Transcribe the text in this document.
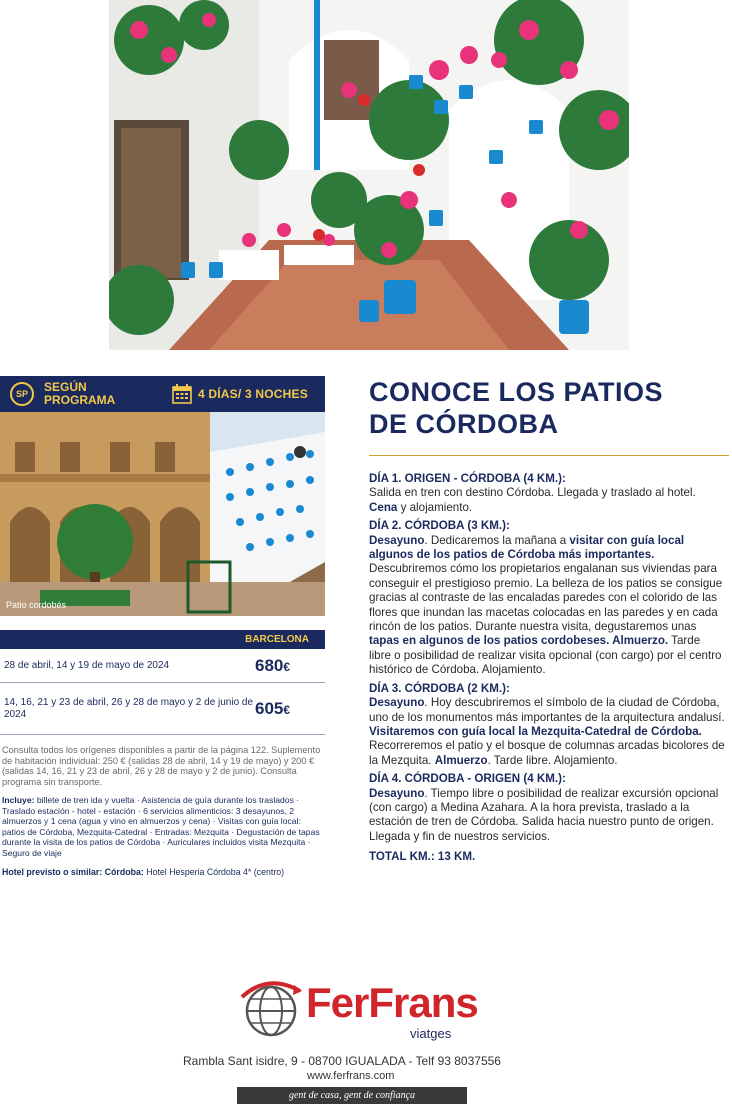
SP	SEGÚN PROGRAMA	4 DÍAS/ 3 NOCHES
Patio cordobés
BARCELONA
28 de abril, 14 y 19 de mayo de 2024	680€
14, 16, 21 y 23 de abril, 26 y 28 de mayo y 2 de junio de 2024	605€
Consulta todos los orígenes disponibles a partir de la página 122. Suplemento de habitación individual: 250 € (salidas 28 de abril, 14 y 19 de mayo) y 200 € (salidas 14, 16, 21 y 23 de abril, 26 y 28 de mayo y 2 de junio). Consulta programa sin transporte.
Incluye: billete de tren ida y vuelta · Asistencia de guía durante los traslados · Traslado estación - hotel - estación · 6 servicios alimenticios: 3 desayunos, 2 almuerzos y 1 cena (agua y vino en almuerzos y cena) · Visitas con guía local: patios de Córdoba, Mezquita-Catedral · Entradas: Mezquita · Degustación de tapas durante la visita de los patios de Córdoba · Auriculares incluidos visita Mezquita · Seguro de viaje
Hotel previsto o similar: Córdoba: Hotel Hesperia Córdoba 4* (centro)
CONOCE LOS PATIOS
DE CÓRDOBA
DÍA 1. ORIGEN - CÓRDOBA (4 KM.):

Salida en tren con destino Córdoba. Llegada y traslado al hotel. Cena y alojamiento.

DÍA 2. CÓRDOBA (3 KM.):

Desayuno. Dedicaremos la mañana a visitar con guía local algunos de los patios de Córdoba más importantes. Descubriremos cómo los propietarios engalanan sus viviendas para conseguir el prestigioso premio. La belleza de los patios se consigue gracias al contraste de las encaladas paredes con el colorido de las flores que inundan las macetas colocadas en las paredes y en cada rincón de los patios. Durante nuestra visita, degustaremos unas tapas en algunos de los patios cordobeses. Almuerzo. Tarde libre o posibilidad de realizar visita opcional (con cargo) por el centro histórico de Córdoba. Alojamiento.

DÍA 3. CÓRDOBA (2 KM.):

Desayuno. Hoy descubriremos el símbolo de la ciudad de Córdoba, uno de los monumentos más importantes de la arquitectura andalusí. Visitaremos con guía local la Mezquita-Catedral de Córdoba. Recorreremos el patio y el bosque de columnas arcadas bicolores de la Mezquita. Almuerzo. Tarde libre. Alojamiento.

DÍA 4. CÓRDOBA - ORIGEN (4 KM.):

Desayuno. Tiempo libre o posibilidad de realizar excursión opcional (con cargo) a Medina Azahara. A la hora prevista, traslado a la estación de tren de Córdoba. Salida hacia nuestro punto de origen. Llegada y fin de nuestros servicios.

TOTAL KM.: 13 KM.
FerFrans
viatges
Rambla Sant isidre, 9 - 08700 IGUALADA - Telf 93 8037556
www.ferfrans.com
gent de casa, gent de confiança
